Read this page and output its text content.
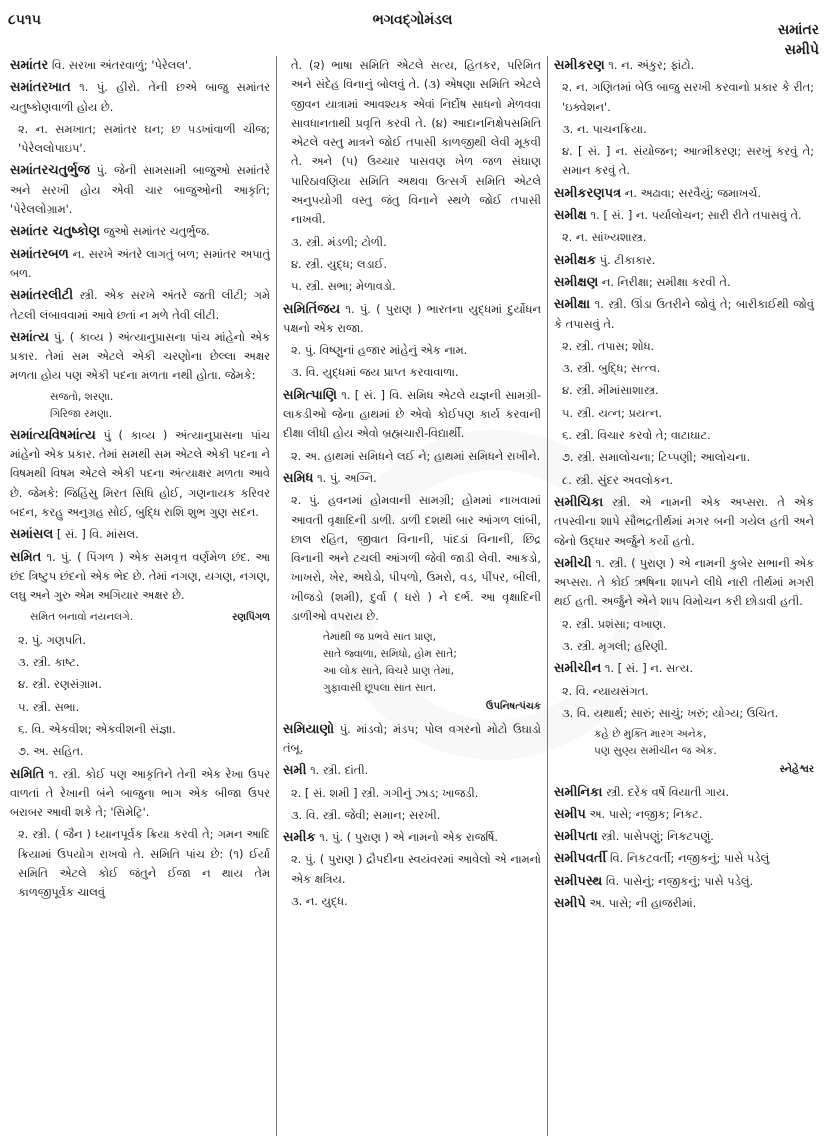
૮૫૧૫	ભગવદ્ગોમંડલ
સમાંતર
સમીપે
સમાંતર વિ. સરખા અંતરવાળું; 'પેરેલલ'.
સમાંતરખાત ૧. પું. હીરો. તેની છએ બાજુ સમાંતર ચતુષ્કોણવાળી હોય છે.
૨. ન. સમખાત; સમાંતર ઘન; છ પડખાંવાળી ચીજ; 'પેરેલલોપાઇપ'.
સમાંતરચતુર્ભુજ પું. જેની સામસામી બાજુઓ સમાંતરે અને સરખી હોય એવી ચાર બાજુઓની આકૃતિ; 'પેરેલલોગ્રામ'.
સમાંતર ચતુષ્કોણ જુઓ સમાંતર ચતુર્ભુજ.
સમાંતરબળ ન. સરખે અંતરે લાગતું બળ; સમાંતર અપાતું બળ.
સમાંતરલીટી સ્ત્રી. એક સરખે અંતરે જતી લીટી; ગમે તેટલી લંબાવવામાં આવે છતાં ન મળે તેવી લીટી.
સમાંત્ય પું. ( કાવ્ય ) અંત્યાનુપ્રાસના પાંચ માંહેનો એક પ્રકાર. તેમાં સમ એટલે એકી ચરણોના છેલ્લા અક્ષર મળતા હોય પણ એકી પદના મળતા નથી હોતા. જેમકે:
સજતો, શરણા.
ગિરિજા રમણા.
સમાંત્યવિષમાંત્ય પું ( કાવ્ય ) અંત્યાનુપ્રાસના પાંચ માંહેનો એક પ્રકાર. તેમાં સમથી સમ એટલે એકી પદના ને વિષમથી વિષમ એટલે એકી પદના અંત્યાક્ષર મળતા આવે છે. જેમકે: જિહિંસુ મિરત સિધિ હોઈ, ગણનાયક કરિવર બદન, કરહુ અનુગ્રહ સોઈ, બુદ્ધિ રાશિ શુભ ગુણ સદન.
સમાંસલ [ સં. ] વિ. માંસલ.
સમિત ૧. પું. ( પિંગળ ) એક સમવૃત્ત વર્ણમેળ છંદ. આ છંદ ત્રિષ્ટુપ છંદનો એક ભેદ છે. તેમાં નગણ, યગણ, નગણ, લઘુ અને ગુરુ એમ અગિયાર અક્ષર છે.
સમિત બનાવો નયનલગે.	રણપિંગળ
૨. પું. ગણપતિ.
૩. સ્ત્રી. કાષ્ટ.
૪. સ્ત્રી. રણસંગ્રામ.
૫. સ્ત્રી. સભા.
૬. વિ. એકવીશ; એકવીશની સંજ્ઞા.
૭. અ. સહિત.
સમિતિ ૧. સ્ત્રી. કોઈ પણ આકૃતિને તેની એક રેખા ઉપર વાળતાં તે રેખાની બંને બાજુના ભાગ એક બીજા ઉપર બરાબર આવી શકે તે; 'સિમેટ્રિ'.
૨. સ્ત્રી. ( જૈન ) ધ્યાનપૂર્વક ક્રિયા કરવી તે; ગમન આદિ ક્રિયામાં ઉપયોગ રાખવો તે. સમિતિ પાંચ છે: (૧) ઈર્યા સમિતિ એટલે કોઈ જંતુને ઈજા ન થાય તેમ કાળજીપૂર્વક ચાલવું
તે. (૨) ભાષા સમિતિ એટલે સત્ય, હિતકર, પરિમિત અને સંદેહ વિનાનું બોલવું તે. (૩) એષણા સમિતિ એટલે જીવન યાત્રામાં આવશ્યક એવાં નિર્દોષ સાધનો મેળવવા સાવધાનતાથી પ્રવૃત્તિ કરવી તે. (૪) આદાનનિક્ષેપસમિતિ એટલે વસ્તુ માત્રને જોઈ તપાસી કાળજીથી લેવી મૂકવી તે. અને (૫) ઉચ્ચાર પાસવણ ખેળ જળ સંઘાણ પારિઠાવણિયા સમિતિ અથવા ઉત્સર્ગ સમિતિ એટલે અનુપયોગી વસ્તુ જંતુ વિનાને સ્થળે જોઈ તપાસી નાખવી.
૩. સ્ત્રી. મંડળી; ટોળી.
૪. સ્ત્રી. યુદ્ધ; લડાઈ.
૫. સ્ત્રી. સભા; મેળાવડો.
સમિતિંજય ૧. પું. ( પુરાણ ) ભારતના યુદ્ધમાં દુર્યોધન પક્ષનો એક રાજા.
૨. પું. વિષ્ણુનાં હજાર માંહેનું એક નામ.
૩. વિ. યુદ્ધમાં જય પ્રાપ્ત કરવાવાળા.
સમિત્પાણિ ૧. [ સં. ] વિ. સમિધ એટલે યજ્ઞની સામગ્રી-લાકડીઓ જેના હાથમાં છે એવો કોઈપણ કાર્ય કરવાની દીક્ષા લીધી હોય એવો બ્રહ્મચારી-વિદ્યાર્થી.
૨. અ. હાથમાં સમિધને લઈ ને; હાથમાં સમિધને રાખીને.
સમિધ ૧. પું. અગ્નિ.
૨. પું. હવનમાં હોમવાની સામગ્રી; હોમમાં નાખવામાં આવતી વૃક્ષાદિની ડાળી. ડાળી દશથી બાર આંગળ લાંબી, છાલ રહિત, જીવાત વિનાની, પાંદડાં વિનાની, છિદ્ર વિનાની અને ટચલી આંગળી જેવી જાડી લેવી. આકડો, ખાખરો, ખેર, અઘેડો, પીપળો, ઉમરો, વડ, પીંપર, બીલી, ખીજડો (શમી), દુર્વા ( ધરો ) ને દર્ભ. આ વૃક્ષાદિની ડાળીઓ વપરાય છે.
તેમાંથી જ પ્રભવે સાત પ્રાણ,
સાતે જ્વાળા, સમિધો, હોમ સાતે;
આ લોક સાતે, વિચરે પ્રાણ તેમાં,
ગુફાવાસી છૂપલા સાત સાત.
ઉપનિષત્પંચક
સમિયાણો પું. માંડવો; મંડપ; પોલ વગરનો મોટો ઉઘાડો તંબૂ.
સમી ૧. સ્ત્રી. દાંતી.
૨. [ સં. શમી ] સ્ત્રી. ગગીનું ઝાડ; ખાજડી.
૩. વિ. સ્ત્રી. જેવી; સમાન; સરખી.
સમીક ૧. પું. ( પુરાણ ) એ નામનો એક રાજર્ષિ.
૨. પું. ( પુરાણ ) દ્રૌપદીના સ્વયંવરમાં આવેલો એ નામનો એક ક્ષત્રિય.
૩. ન. યુદ્ધ.
સમીકરણ ૧. ન. અંકુર; ફાંટો.
૨. ન. ગણિતમાં બેઉ બાજુ સરખી કરવાનો પ્રકાર કે રીત; 'ઇક્વેશન'.
૩. ન. પાચનક્રિયા.
૪. [ સં. ] ન. સંયોજન; આત્મીકરણ; સરખું કરવું તે; સમાન કરવું તે.
સમીકરણપત્ર ન. અઢાવા; સરવૈયું; જમાખર્ચ.
સમીક્ષ ૧. [ સં. ] ન. પર્યાલોચન; સારી રીતે તપાસવું તે.
૨. ન. સાંખ્યશાસ્ત્ર.
સમીક્ષક પું. ટીકાકાર.
સમીક્ષણ ન. નિરીક્ષા; સમીક્ષા કરવી તે.
સમીક્ષા ૧. સ્ત્રી. ઊંડા ઉતરીને જોવું તે; બારીકાઈથી જોવું કે તપાસવું તે.
૨. સ્ત્રી. તપાસ; શોધ.
૩. સ્ત્રી. બુદ્ધિ; સત્ત્વ.
૪. સ્ત્રી. મીમાંસાશાસ્ત્ર.
૫. સ્ત્રી. યત્ન; પ્રયત્ન.
૬. સ્ત્રી. વિચાર કરવો તે; વાટાઘાટ.
૭. સ્ત્રી. સમાલોચના; ટિપ્પણી; આલોચના.
૮. સ્ત્રી. સુંદર અવલોકન.
સમીચિકા સ્ત્રી. એ નામની એક અપ્સરા. તે એક તપસ્વીના શાપે સૌભદ્રતીર્થમાં મગર બની ગયેલ હતી અને જેનો ઉદ્ધાર અર્જુને કર્યો હતો.
સમીચી ૧. સ્ત્રી. ( પુરાણ ) એ નામની કુબેર સભાની એક અપ્સરા. તે કોઈ ઋષિના શાપને લીધે નારી તીર્થમાં મગરી થઈ હતી. અર્જુને એને શાપ વિમોચન કરી છોડાવી હતી.
૨. સ્ત્રી. પ્રશંસા; વખાણ.
૩. સ્ત્રી. મૃગલી; હરિણી.
સમીચીન ૧. [ સં. ] ન. સત્ય.
૨. વિ. ન્યાયસંગત.
૩. વિ. યથાર્થ; સારું; સાચું; ખરું; યોગ્ય; ઉચિત.
કહે છે મુક્તિ મારગ અનેક,
પણ સુણ્ય સમીચીન જ એક.
સ્નેહેશ્વર
સમીનિકા સ્ત્રી. દરેક વર્ષે વિયાતી ગાય.
સમીપ અ. પાસે; નજીક; નિકટ.
સમીપતા સ્ત્રી. પાસેપણું; નિકટપણું.
સમીપવર્તી વિ. નિકટવર્તી; નજીકનું; પાસે પડેલું
સમીપસ્થ વિ. પાસેનું; નજીકનું; પાસે પડેલું.
સમીપે અ. પાસે; ની હાજરીમાં.
